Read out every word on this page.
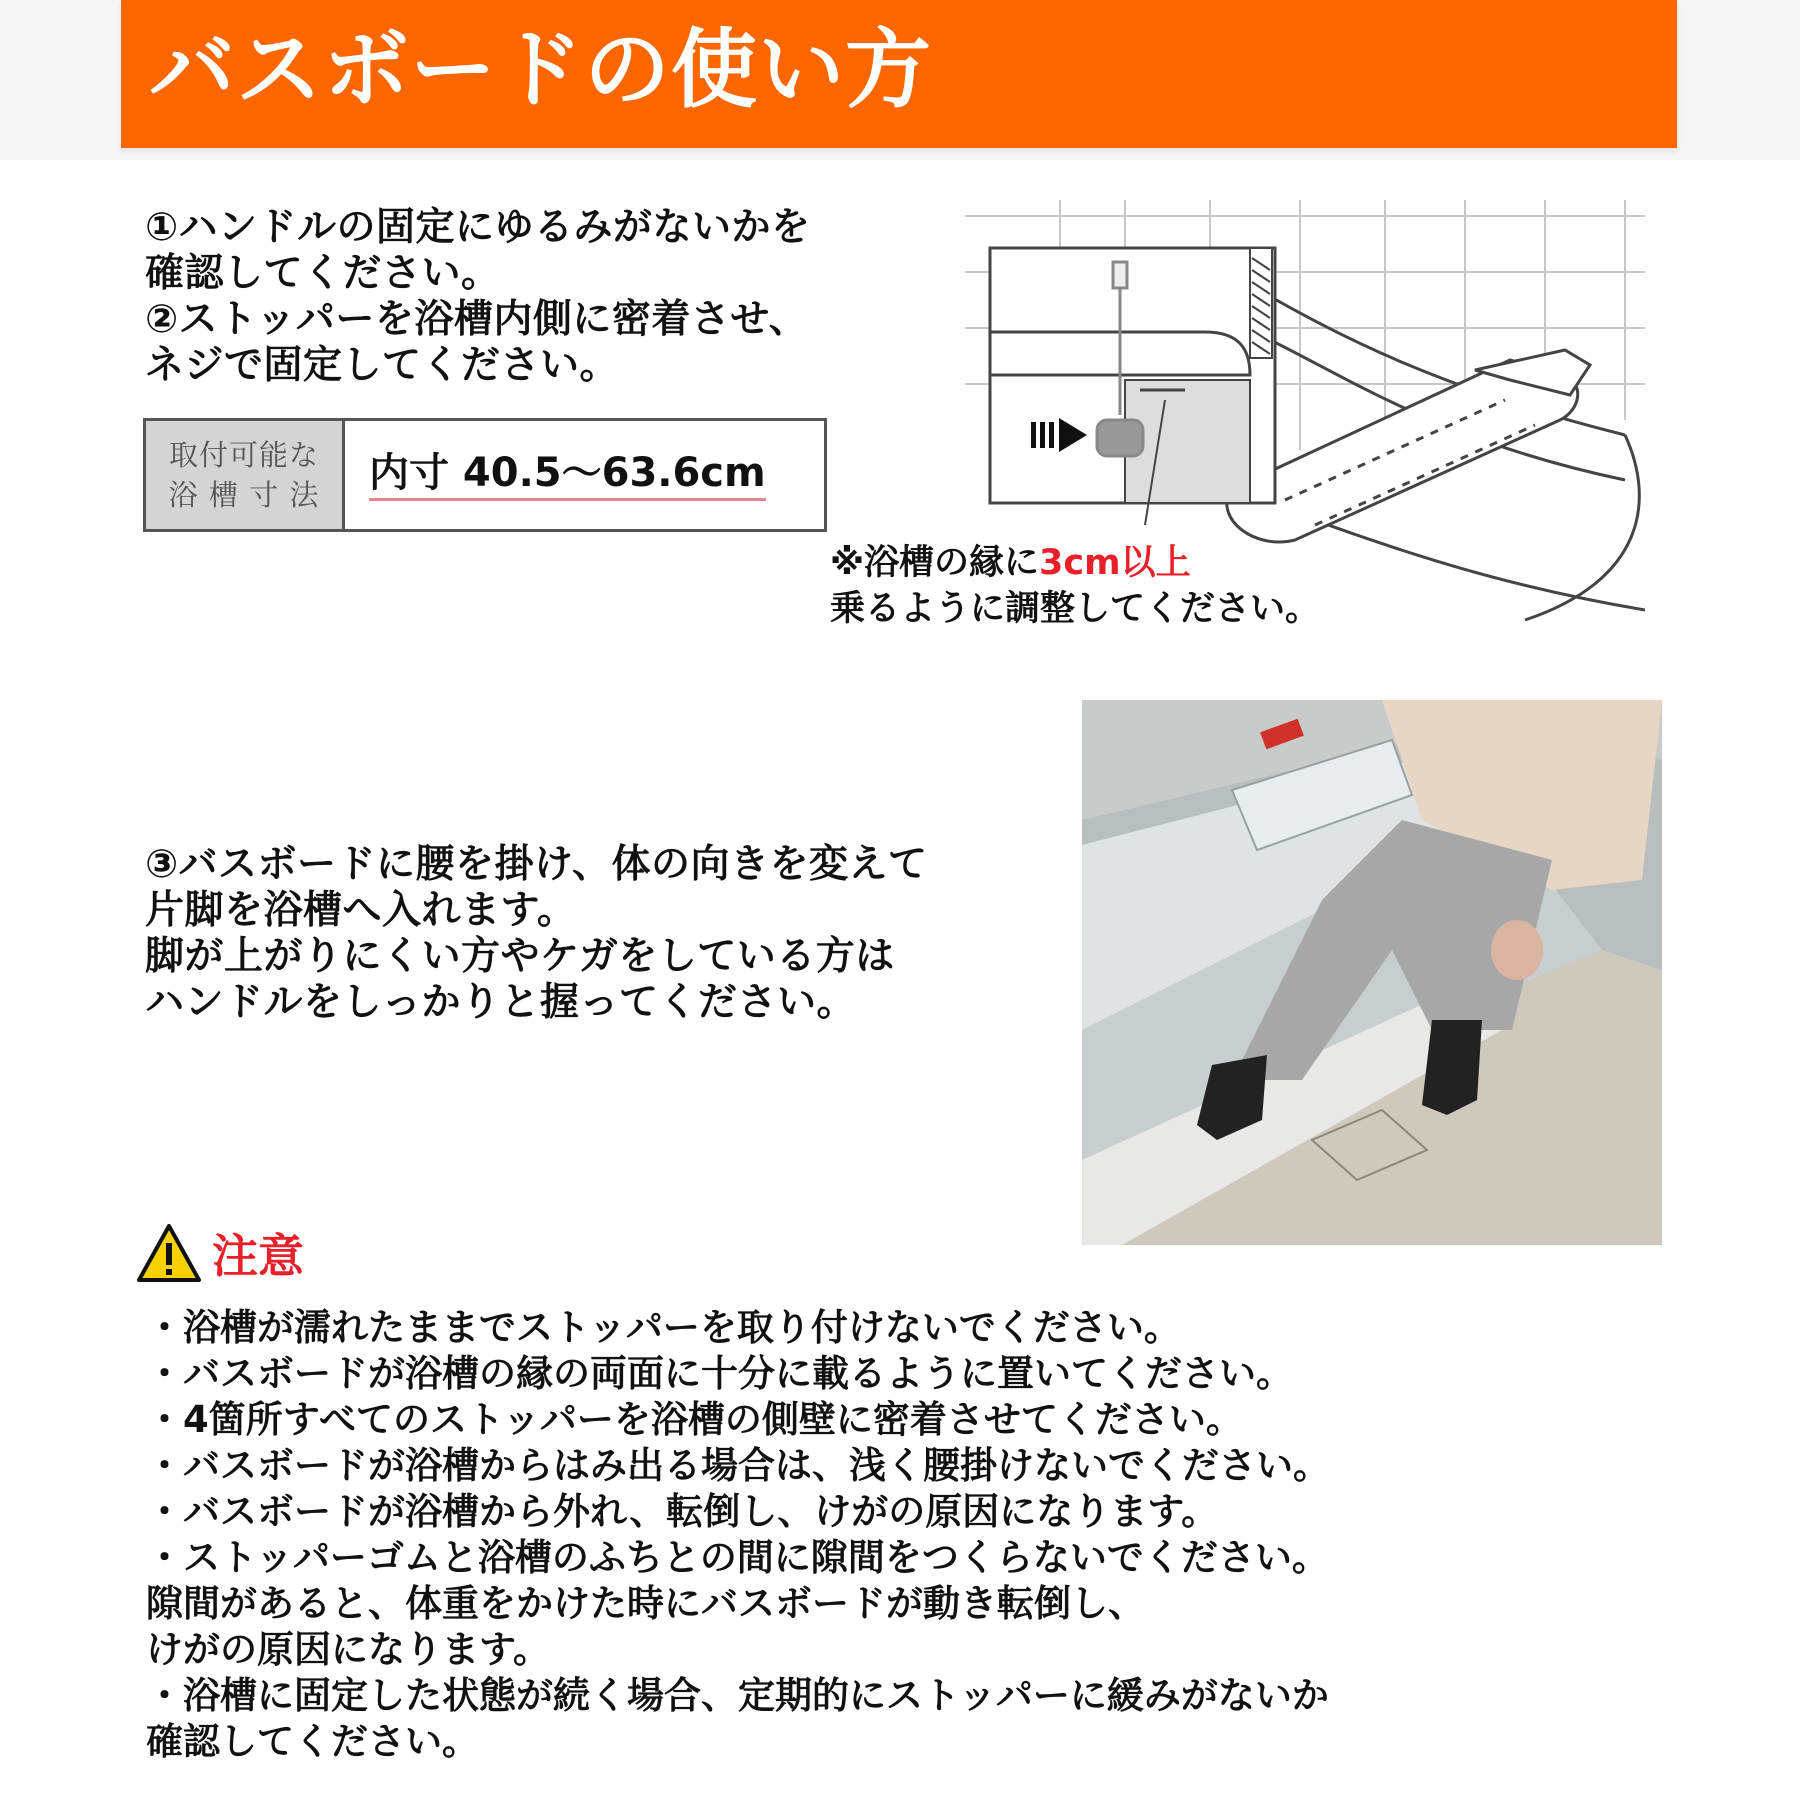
バスボードの使い方
①ハンドルの固定にゆるみがないかを
確認してください。
②ストッパーを浴槽内側に密着させ、
ネジで固定してください。
取付可能な
浴 槽 寸 法 内寸 40.5～63.6cm
※浴槽の縁に3cm以上
乗るように調整してください。
注意
・浴槽が濡れたままでストッパーを取り付けないでください。
・バスボードが浴槽の縁の両面に十分に載るように置いてください。
・4箇所すべてのストッパーを浴槽の側壁に密着させてください。
・バスボードが浴槽からはみ出る場合は、浅く腰掛けないでください。
・バスボードが浴槽から外れ、転倒し、けがの原因になります。
・ストッパーゴムと浴槽のふちとの間に隙間をつくらないでください。
隙間があると、体重をかけた時にバスボードが動き転倒し、
けがの原因になります。
・浴槽に固定した状態が続く場合、定期的にストッパーに緩みがないか
確認してください。
③バスボードに腰を掛け、体の向きを変えて
片脚を浴槽へ入れます。
脚が上がりにくい方やケガをしている方は
ハンドルをしっかりと握ってください。
